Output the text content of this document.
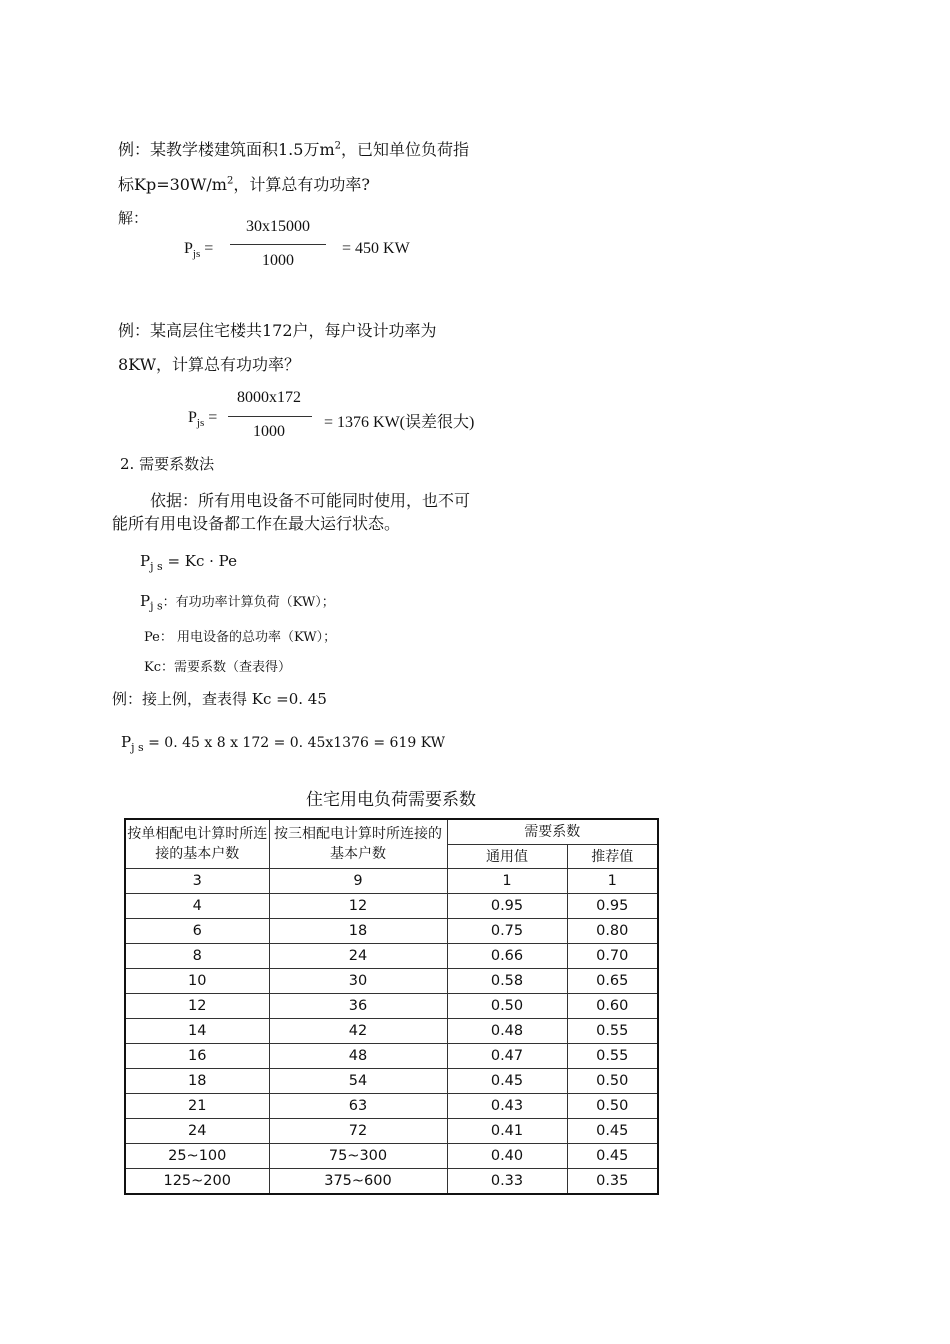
例：某教学楼建筑面积1.5万$m^2$，已知单位负荷指
标$Kp=30W/m^2$，计算总有功功率?
解：
$P_{js}$ =
30x15000
1000
= 450 KW
例：某高层住宅楼共172户，每户设计功率为
8KW，计算总有功功率？
$P_{js}$ =
8000x172
1000
= 1376 KW(误差很大)
2. 需要系数法
依据：所有用电设备不可能同时使用，也不可
能所有用电设备都工作在最大运行状态。
$P_{j s} = Kc \cdot Pe$
$P_{j s}$：有功功率计算负荷（KW）；
Pe： 用电设备的总功率（KW）；
Kc：需要系数（查表得）
例：接上例，查表得 Kc =0. 45
$P_{j s} = 0$. 45 x 8 x 172 = 0. 45x1376 = 619 KW
住宅用电负荷需要系数
按单相配电计算时所连接的基本户数	按三相配电计算时所连接的基本户数	需要系数	
		通用值	推荐值
3	9	1	1
4	12	0.95	0.95
6	18	0.75	0.80
8	24	0.66	0.70
10	30	0.58	0.65
12	36	0.50	0.60
14	42	0.48	0.55
16	48	0.47	0.55
18	54	0.45	0.50
21	63	0.43	0.50
24	72	0.41	0.45
25~100	75~300	0.40	0.45
125~200	375~600	0.33	0.35
